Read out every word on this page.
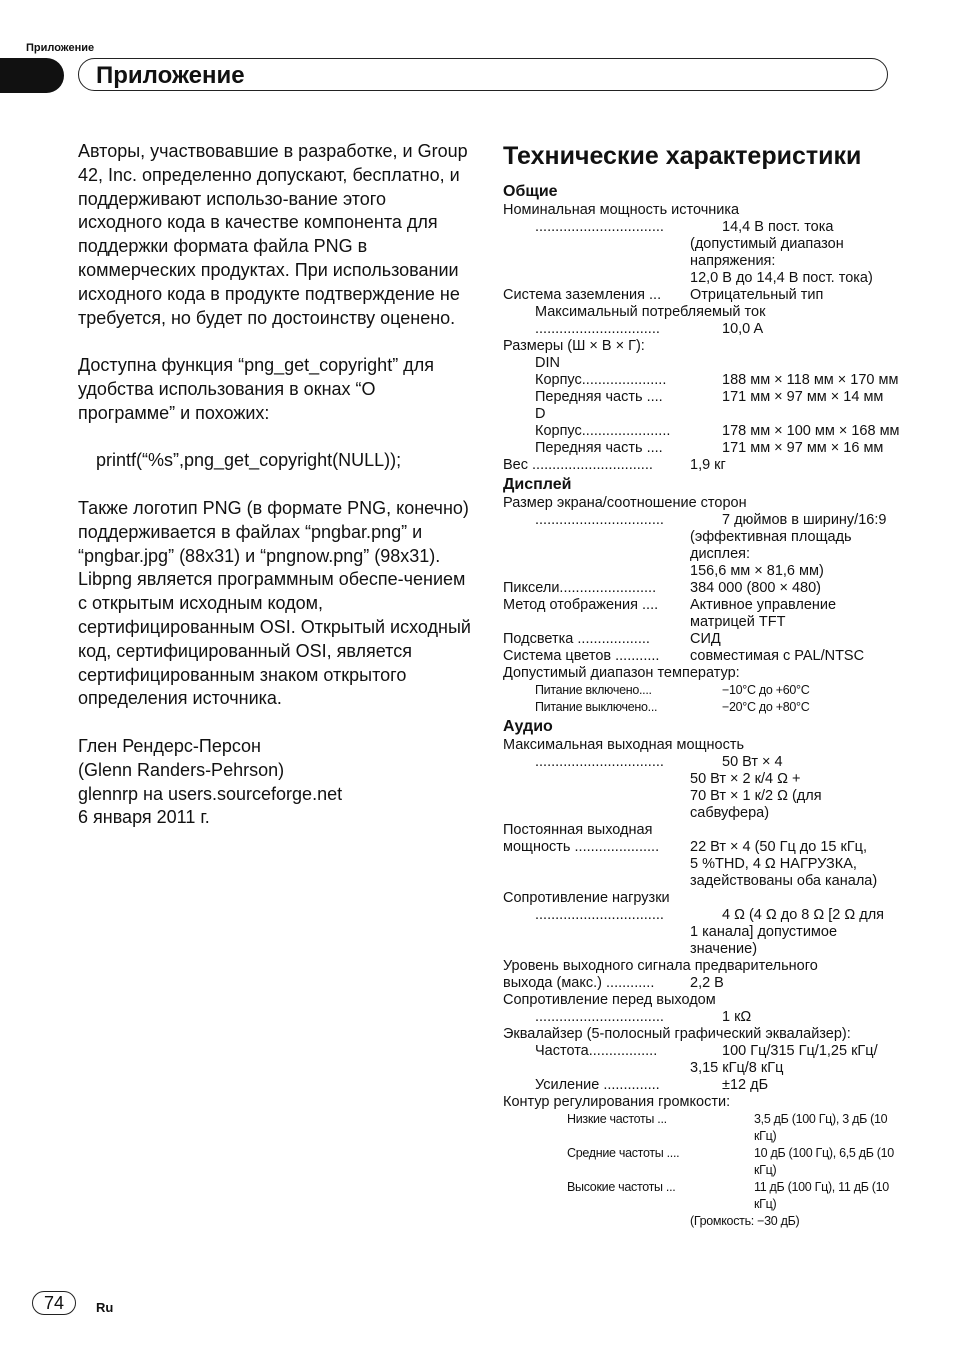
Приложение
Приложение

Авторы, участвовавшие в разработке, и Group 42, Inc. определенно допускают, бесплатно, и поддерживают использо-вание этого исходного кода в качестве компонента для поддержки формата файла PNG в коммерческих продуктах. При использовании исходного кода в продукте подтверждение не требуется, но будет по достоинству оценено.

Доступна функция “png_get_copyright” для удобства использования в окнах “О программе” и похожих:

printf(“%s”,png_get_copyright(NULL));

Также логотип PNG (в формате PNG, конечно) поддерживается в файлах “pngbar.png” и “pngbar.jpg” (88x31) и “pngnow.png” (98x31).

Libpng является программным обеспе-чением с открытым исходным кодом, сертифицированным OSI. Открытый исходный код, сертифицированный OSI, является сертифицированным знаком открытого определения источника.

Глен Рендерс-Персон
(Glenn Randers-Pehrson)
glennrp на users.sourceforge.net
6 января 2011 г.
Технические характеристики
Общие
Номинальная мощность источника
................................	14,4 В пост. тока
(допустимый диапазон
напряжения:
12,0 В до 14,4 В пост. тока)
Система заземления ...	Отрицательный тип
Максимальный потребляемый ток
...............................	10,0 A
Размеры (Ш × В × Г):
DIN
Корпус.....................	188 мм × 118 мм × 170 мм
Передняя часть ....	171 мм × 97 мм × 14 мм
D
Корпус......................	178 мм × 100 мм × 168 мм
Передняя часть ....	171 мм × 97 мм × 16 мм
Вес ..............................	1,9 кг
Дисплей
Размер экрана/соотношение сторон
................................	7 дюймов в ширину/16:9
(эффективная площадь
дисплея:
156,6 мм × 81,6 мм)
Пиксели........................	384 000 (800 × 480)
Метод отображения ....	Активное управление
матрицей TFT
Подсветка ..................	СИД
Система цветов ...........	совместимая с PAL/NTSC
Допустимый диапазон температур:
Питание включено....	−10°C до +60°C
Питание выключено...	−20°C до +80°C
Аудио
Максимальная выходная мощность
................................	50 Вт × 4
50 Вт × 2 к/4 Ω +
70 Вт × 1 к/2 Ω (для
сабвуфера)
Постоянная выходная
мощность .....................	22 Вт × 4 (50 Гц до 15 кГц,
5 %THD, 4 Ω НАГРУЗКА,
задействованы оба канала)
Сопротивление нагрузки
................................	4 Ω (4 Ω до 8 Ω [2 Ω для
1 канала] допустимое
значение)
Уровень выходного сигнала предварительного
выхода (макс.) ............	2,2 В
Сопротивление перед выходом
................................	1 кΩ
Эквалайзер (5-полосный графический эквалайзер):
Частота.................	100 Гц/315 Гц/1,25 кГц/
3,15 кГц/8 кГц
Усиление ..............	±12 дБ
Контур регулирования громкости:
Низкие частоты ...	3,5 дБ (100 Гц), 3 дБ (10 кГц)
Средние частоты ....	10 дБ (100 Гц), 6,5 дБ (10 кГц)
Высокие частоты ...	11 дБ (100 Гц), 11 дБ (10 кГц)
(Громкость: −30 дБ)
74	Ru
